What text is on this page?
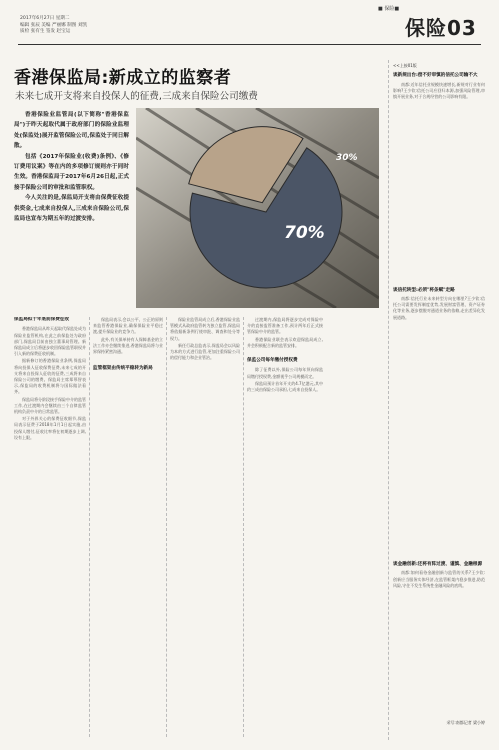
2017年6月27日 星期二
编辑 张辰 美编 严丽娜 制图 刘凯
质检 张有生 签发 赵宝运
■ 保险■
保险03
香港保监局:新成立的监察者
未来七成开支将来自投保人的征费,三成来自保险公司缴费

香港保险业监管局(以下简称"香港保监局")于昨天起取代属于政府部门的保险业监理处(保监处)展开监管保险公司,保监处于同日解散。

包括《2017年保险业(收费)条例》、《修订费用议案》等在内的多项修订规则亦于同时生效。香港保监局于2017年6月26日起,正式接手保险公司的审批和监管职权。

今人关注的是,保监局开支将由保费征收提供资金,七成来自投保人,三成来自保险公司,保监局也宣布为期五年的过渡安排。

70%
30%
保监局拟于年底前保费征收

香港保监局从昨天起取代保监处成为保险业监管机构,在此之前保监处为政府部门,保监局目前由独立董事局管理。新保监局成立后将逐步收回保险监管职权并引入新的保费征收机制。

据新修订的香港保险业条例,保监局将向投保人征收保费征费,未来七成的开支将来自投保人征收的征费,三成将来自保险公司的缴费。保监局主席郑慕智表示,保监局的收费机制将与国际做法看齐。

保监局将分阶段接手保险中介的监管工作,在过渡期内会继续由三个自律监管机构负责中介的日常监管。

对于外界关心的保费征收细节,保监局表示征费于2018年1月1日起实施,由投保人缴付,征收比率将在初期逐步上调,设有上限。

保监局表示,会以公平、公正的原则来监管香港保险业,确保保险业平稳过渡,提升保险业的竞争力。

此外,有关保单持有人保障基金的立法工作亦会继续推进,香港保监局将与业界保持紧密沟通。

监管框架由传统平稳转为新局

保险业监管局成立后,香港保险业监管模式从政府监管转为独立监管,保监局将依据新条例行使审批、调查和处分等权力。

新任行政总监表示,保监局会以风险为本的方式进行监管,更加注重保险公司的偿付能力和企业管治。

过渡期内,保监局将逐步完成对保险中介的直接监管准备工作,预计两年后正式接管保险中介的监管。

香港保险业联会表示欢迎保监局成立,并会积极配合新的监管安排。

保监公司每年缴付授权费

除了征费以外,保险公司每年须向保监局缴付授权费,金额视乎公司规模而定。

保监局预计首年开支约4.7亿港元,其中约三成由保险公司承担,七成来自投保人。

<<上接01版
谈新规出台:偿不好审慎的信托公司输不大

南都:近年信托业规模快速增长,新规对行业有何影响?王少钦:信托公司应回归本源,加强风险管理,审慎开展业务,对于合规经营的公司影响有限。

谈信托转型:必须"将条赋"走路

南都:信托行业未来转型方向在哪里?王少钦:信托公司需要发挥制度优势,发展财富管理、资产证券化等业务,逐步摆脱对通道业务的依赖,走出差异化发展道路。

谈金融创新:还将有阵过渡、谨慎、金融根源

南都:如何看待金融创新与监管的关系?王少钦:创新应当服务实体经济,在监管框架内稳步推进,防范风险,守住不发生系统性金融风险的底线。

采写:南都记者 梁小婷
